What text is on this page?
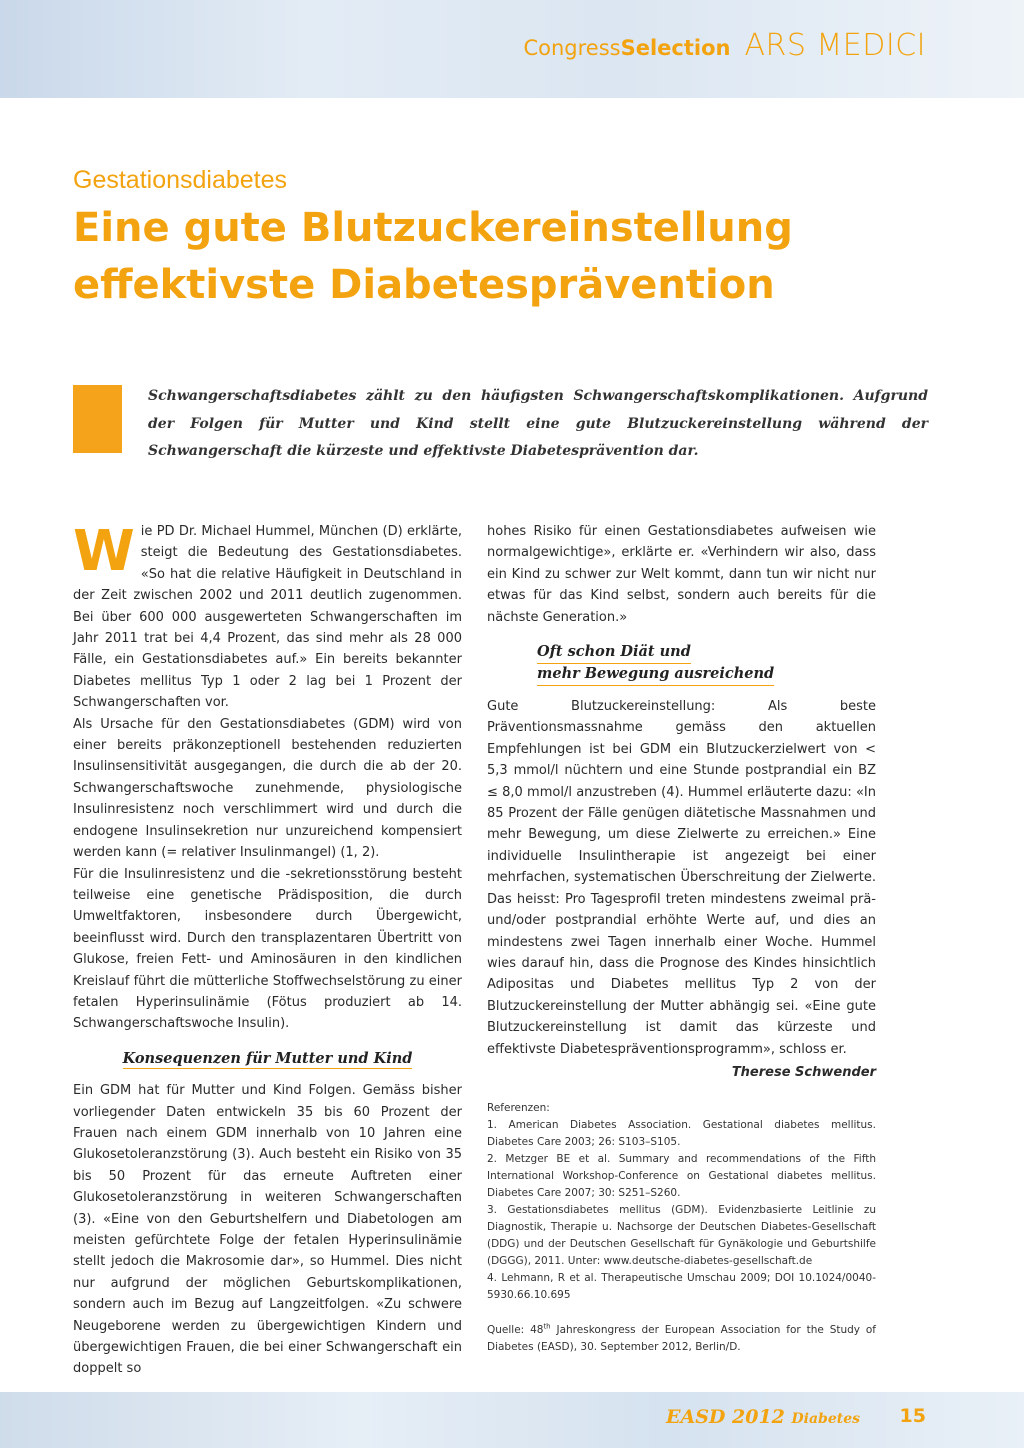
CongressSelection ARS MEDICI
Gestationsdiabetes
Eine gute Blutzuckereinstellung
effektivste Diabetesprävention

Schwangerschaftsdiabetes zählt zu den häufigsten Schwangerschaftskomplikationen. Aufgrund der Folgen für Mutter und Kind stellt eine gute Blutzuckereinstellung während der Schwangerschaft die kürzeste und effektivste Diabetesprävention dar.

Wie PD Dr. Michael Hummel, München (D) erklärte, steigt die Bedeutung des Gestationsdiabetes. «So hat die relative Häufigkeit in Deutschland in der Zeit zwischen 2002 und 2011 deutlich zugenommen. Bei über 600 000 ausgewerteten Schwangerschaften im Jahr 2011 trat bei 4,4 Prozent, das sind mehr als 28 000 Fälle, ein Gestationsdiabetes auf.» Ein bereits bekannter Diabetes mellitus Typ 1 oder 2 lag bei 1 Prozent der Schwangerschaften vor.

Als Ursache für den Gestationsdiabetes (GDM) wird von einer bereits präkonzeptionell bestehenden reduzierten Insulinsensitivität ausgegangen, die durch die ab der 20. Schwangerschaftswoche zunehmende, physiologische Insulinresistenz noch verschlimmert wird und durch die endogene Insulinsekretion nur unzureichend kompensiert werden kann (= relativer Insulinmangel) (1, 2).

Für die Insulinresistenz und die -sekretionsstörung besteht teilweise eine genetische Prädisposition, die durch Umweltfaktoren, insbesondere durch Übergewicht, beeinflusst wird. Durch den transplazentaren Übertritt von Glukose, freien Fett- und Aminosäuren in den kindlichen Kreislauf führt die mütterliche Stoffwechselstörung zu einer fetalen Hyperinsulinämie (Fötus produziert ab 14. Schwangerschaftswoche Insulin).

Konsequenzen für Mutter und Kind

Ein GDM hat für Mutter und Kind Folgen. Gemäss bisher vorliegender Daten entwickeln 35 bis 60 Prozent der Frauen nach einem GDM innerhalb von 10 Jahren eine Glukosetoleranzstörung (3). Auch besteht ein Risiko von 35 bis 50 Prozent für das erneute Auftreten einer Glukosetoleranzstörung in weiteren Schwangerschaften (3). «Eine von den Geburtshelfern und Diabetologen am meisten gefürchtete Folge der fetalen Hyperinsulinämie stellt jedoch die Makrosomie dar», so Hummel. Dies nicht nur aufgrund der möglichen Geburtskomplikationen, sondern auch im Bezug auf Langzeitfolgen. «Zu schwere Neugeborene werden zu übergewichtigen Kindern und übergewichtigen Frauen, die bei einer Schwangerschaft ein doppelt so

hohes Risiko für einen Gestationsdiabetes aufweisen wie normalgewichtige», erklärte er. «Verhindern wir also, dass ein Kind zu schwer zur Welt kommt, dann tun wir nicht nur etwas für das Kind selbst, sondern auch bereits für die nächste Generation.»

Oft schon Diät und
mehr Bewegung ausreichend

Gute Blutzuckereinstellung: Als beste Präventionsmassnahme gemäss den aktuellen Empfehlungen ist bei GDM ein Blutzuckerzielwert von < 5,3 mmol/l nüchtern und eine Stunde postprandial ein BZ ≤ 8,0 mmol/l anzustreben (4). Hummel erläuterte dazu: «In 85 Prozent der Fälle genügen diätetische Massnahmen und mehr Bewegung, um diese Zielwerte zu erreichen.» Eine individuelle Insulintherapie ist angezeigt bei einer mehrfachen, systematischen Überschreitung der Zielwerte. Das heisst: Pro Tagesprofil treten mindestens zweimal prä- und/oder postprandial erhöhte Werte auf, und dies an mindestens zwei Tagen innerhalb einer Woche. Hummel wies darauf hin, dass die Prognose des Kindes hinsichtlich Adipositas und Diabetes mellitus Typ 2 von der Blutzuckereinstellung der Mutter abhängig sei. «Eine gute Blutzuckereinstellung ist damit das kürzeste und effektivste Diabetespräventionsprogramm», schloss er.

Therese Schwender

Referenzen:

1. American Diabetes Association. Gestational diabetes mellitus. Diabetes Care 2003; 26: S103–S105.

2. Metzger BE et al. Summary and recommendations of the Fifth International Workshop-Conference on Gestational diabetes mellitus. Diabetes Care 2007; 30: S251–S260.

3. Gestationsdiabetes mellitus (GDM). Evidenzbasierte Leitlinie zu Diagnostik, Therapie u. Nachsorge der Deutschen Diabetes-Gesellschaft (DDG) und der Deutschen Gesellschaft für Gynäkologie und Geburtshilfe (DGGG), 2011. Unter: www.deutsche-diabetes-gesellschaft.de

4. Lehmann, R et al. Therapeutische Umschau 2009; DOI 10.1024/0040-5930.66.10.695

Quelle: 48th Jahreskongress der European Association for the Study of Diabetes (EASD), 30. September 2012, Berlin/D.

EASD 2012 Diabetes 15
